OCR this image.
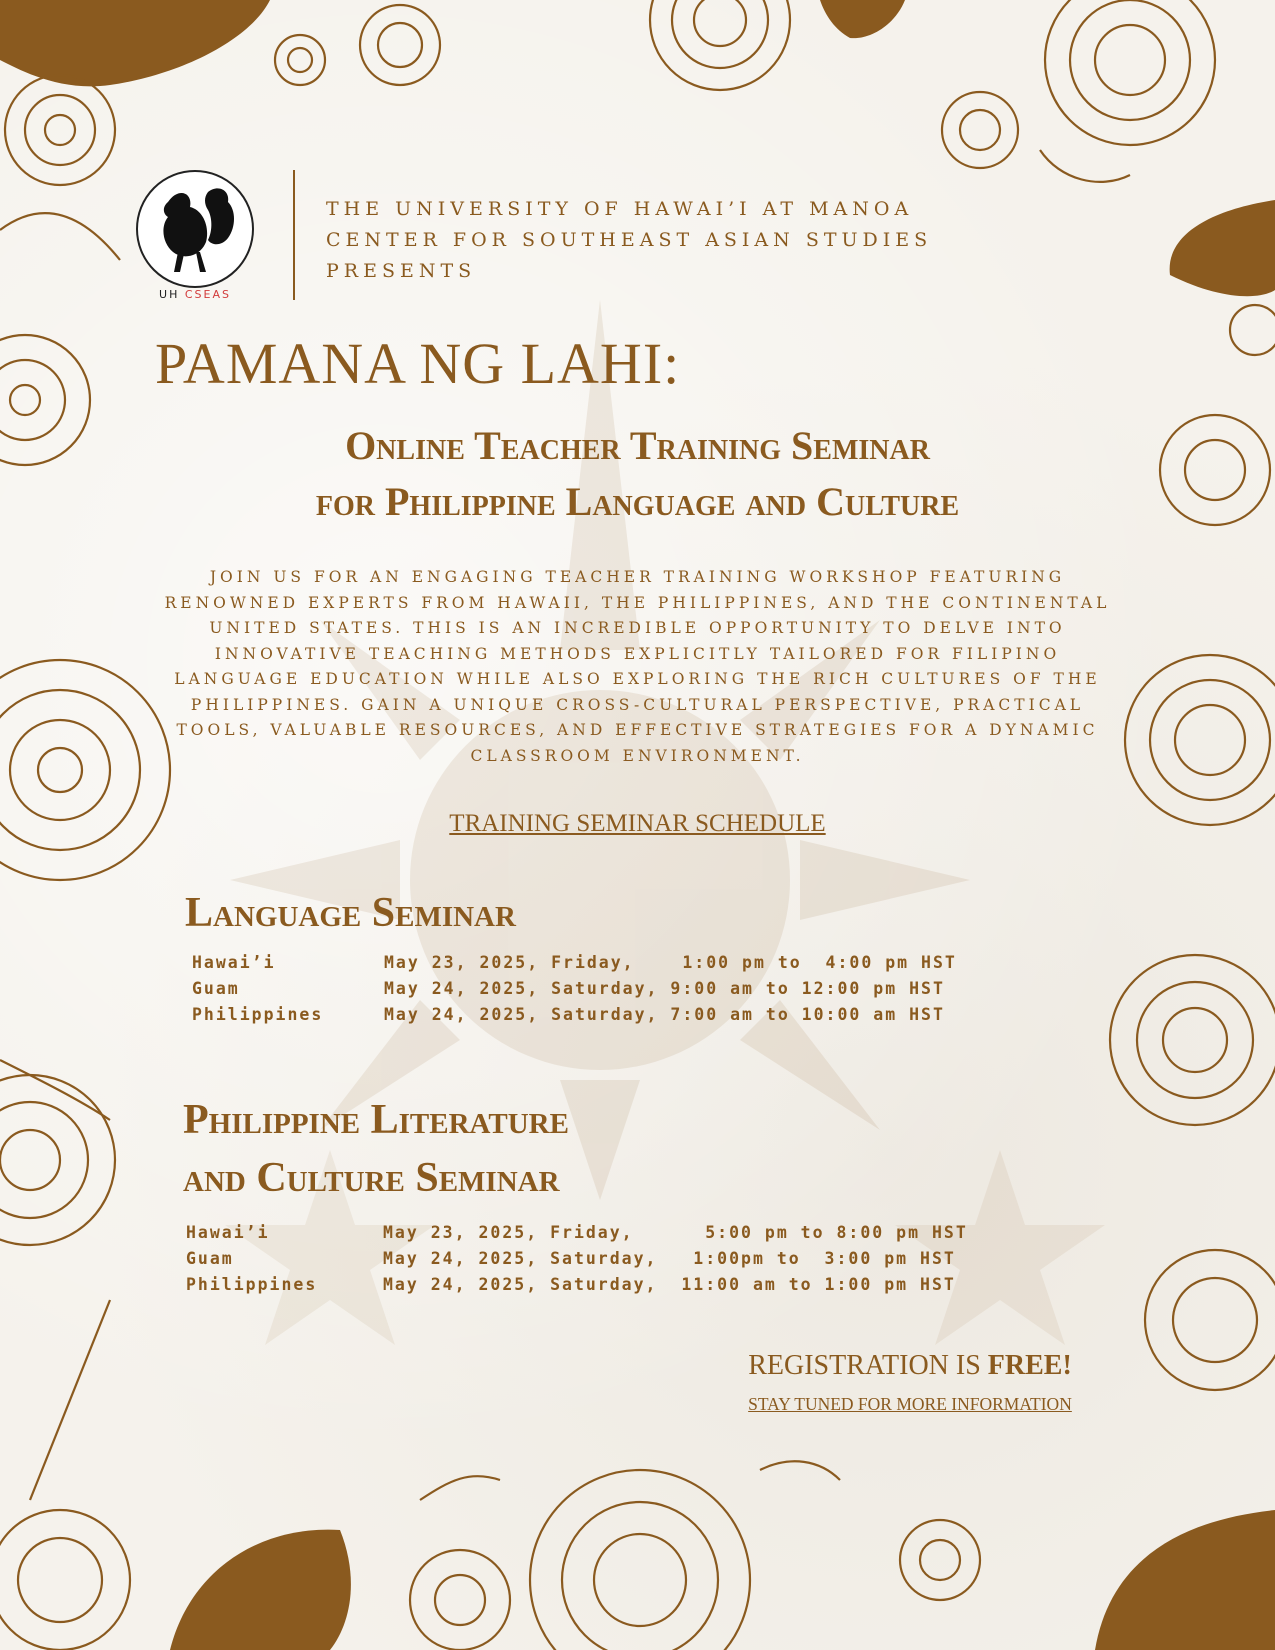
UH CSEAS
THE UNIVERSITY OF HAWAI’I AT MANOA
CENTER FOR SOUTHEAST ASIAN STUDIES
PRESENTS
PAMANA NG LAHI:
Online Teacher Training Seminar
for Philippine Language and Culture
JOIN US FOR AN ENGAGING TEACHER TRAINING WORKSHOP FEATURING RENOWNED EXPERTS FROM HAWAII, THE PHILIPPINES, AND THE CONTINENTAL UNITED STATES. THIS IS AN INCREDIBLE OPPORTUNITY TO DELVE INTO INNOVATIVE TEACHING METHODS EXPLICITLY TAILORED FOR FILIPINO LANGUAGE EDUCATION WHILE ALSO EXPLORING THE RICH CULTURES OF THE PHILIPPINES. GAIN A UNIQUE CROSS-CULTURAL PERSPECTIVE, PRACTICAL TOOLS, VALUABLE RESOURCES, AND EFFECTIVE STRATEGIES FOR A DYNAMIC CLASSROOM ENVIRONMENT.
TRAINING SEMINAR SCHEDULE
Language Seminar
Hawai’i	May 23, 2025, Friday,    1:00 pm to  4:00 pm HST
Guam	May 24, 2025, Saturday, 9:00 am to 12:00 pm HST
Philippines	May 24, 2025, Saturday, 7:00 am to 10:00 am HST
Philippine Literature
and Culture Seminar
Hawai’i	May 23, 2025, Friday,      5:00 pm to 8:00 pm HST
Guam	May 24, 2025, Saturday,   1:00pm to  3:00 pm HST
Philippines	May 24, 2025, Saturday,  11:00 am to 1:00 pm HST
REGISTRATION IS FREE!
STAY TUNED FOR MORE INFORMATION
